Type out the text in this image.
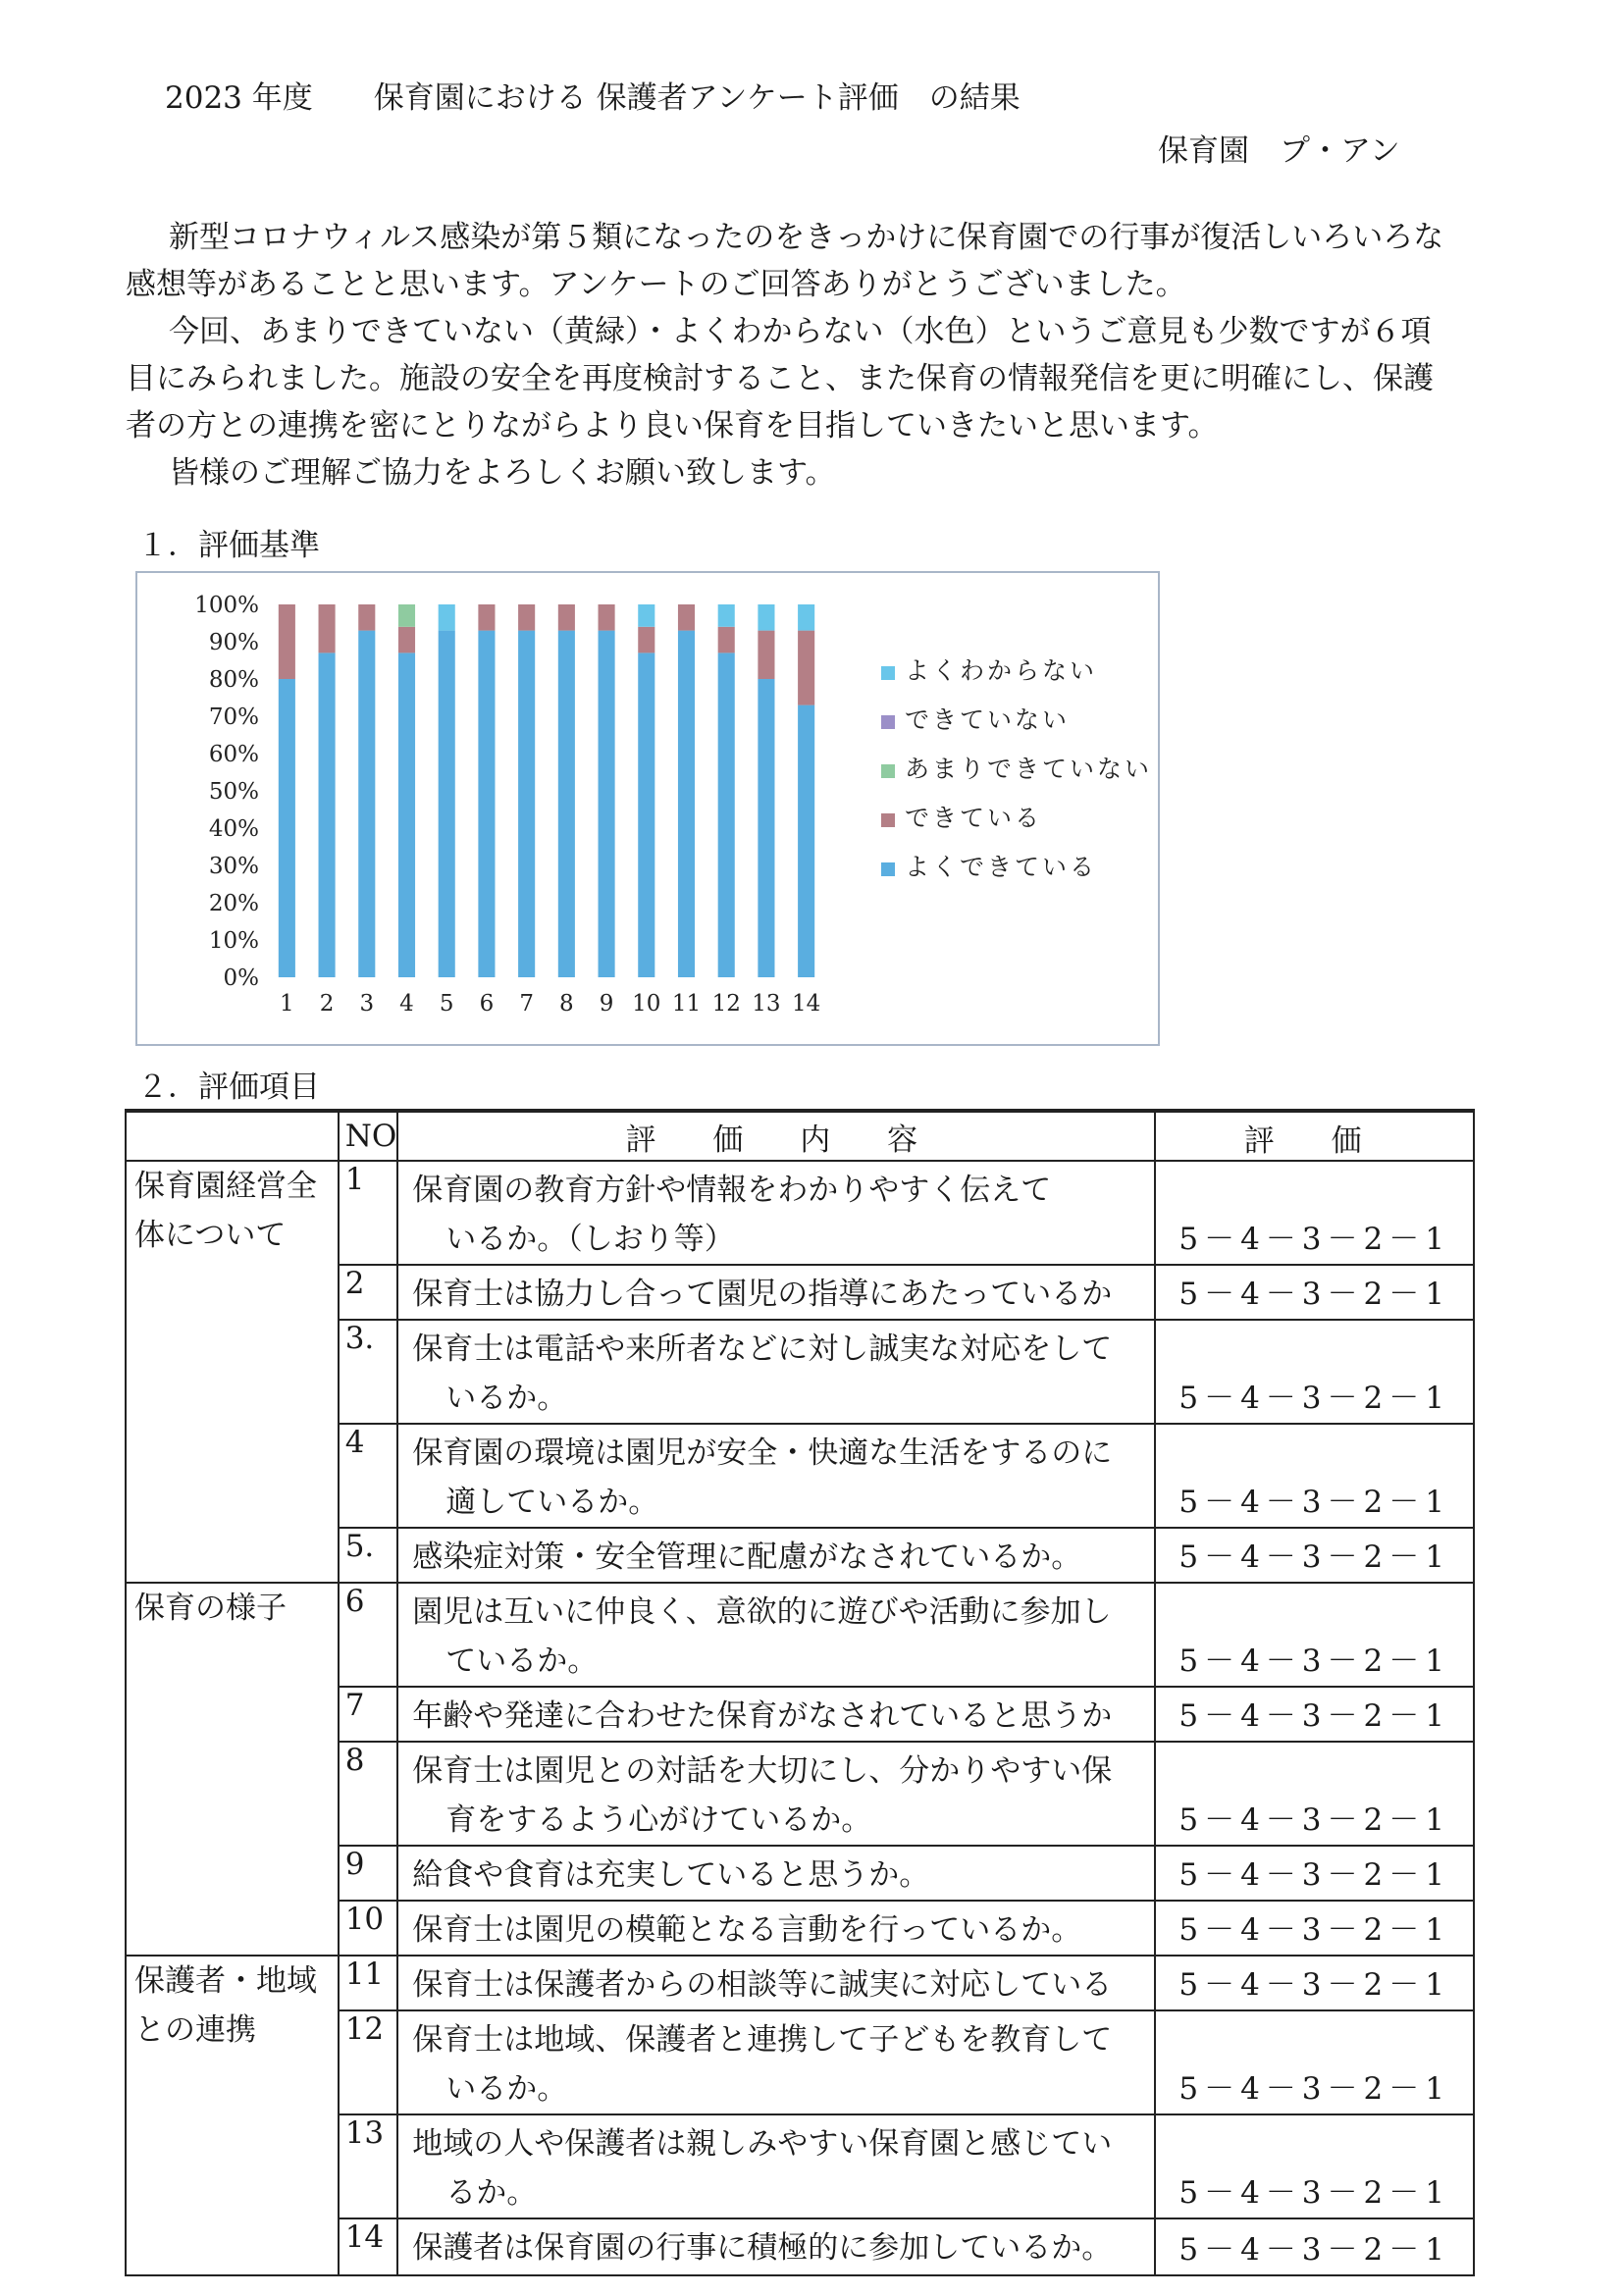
2023 年度　　保育園における 保護者アンケート評価　の結果
保育園　プ・アン

新型コロナウィルス感染が第５類になったのをきっかけに保育園での行事が復活しいろいろな感想等があることと思います。アンケートのご回答ありがとうございました。

今回、あまりできていない（黄緑）・よくわからない（水色）というご意見も少数ですが６項目にみられました。施設の安全を再度検討すること、また保育の情報発信を更に明確にし、保護者の方との連携を密にとりながらより良い保育を目指していきたいと思います。

皆様のご理解ご協力をよろしくお願い致します。

１．評価基準
0%
10%
20%
30%
40%
50%
60%
70%
80%
90%
100%
1 2 3 4 5 6 7 8 9 10 11 12 13 14
よくわからない
できていない
あまりできていない
できている
よくできている
２．評価項目
	NO	評 価 内 容	評 価

保育園経営全体について	1	保育園の教育方針や情報をわかりやすく伝えて
いるか。（しおり等）	5－4－3－2－1

	2	保育士は協力し合って園児の指導にあたっているか	5－4－3－2－1

	3.	保育士は電話や来所者などに対し誠実な対応をして
いるか。	5－4－3－2－1

	4	保育園の環境は園児が安全・快適な生活をするのに
適しているか。	5－4－3－2－1

	5.	感染症対策・安全管理に配慮がなされているか。	5－4－3－2－1

保育の様子	6	園児は互いに仲良く、意欲的に遊びや活動に参加し
ているか。	5－4－3－2－1

	7	年齢や発達に合わせた保育がなされていると思うか	5－4－3－2－1

	8	保育士は園児との対話を大切にし、分かりやすい保
育をするよう心がけているか。	5－4－3－2－1

	9	給食や食育は充実していると思うか。	5－4－3－2－1

	10	保育士は園児の模範となる言動を行っているか。	5－4－3－2－1

保護者・地域との連携	11	保育士は保護者からの相談等に誠実に対応している	5－4－3－2－1

	12	保育士は地域、保護者と連携して子どもを教育して
いるか。	5－4－3－2－1

	13	地域の人や保護者は親しみやすい保育園と感じてい
るか。	5－4－3－2－1

	14	保護者は保育園の行事に積極的に参加しているか。	5－4－3－2－1
